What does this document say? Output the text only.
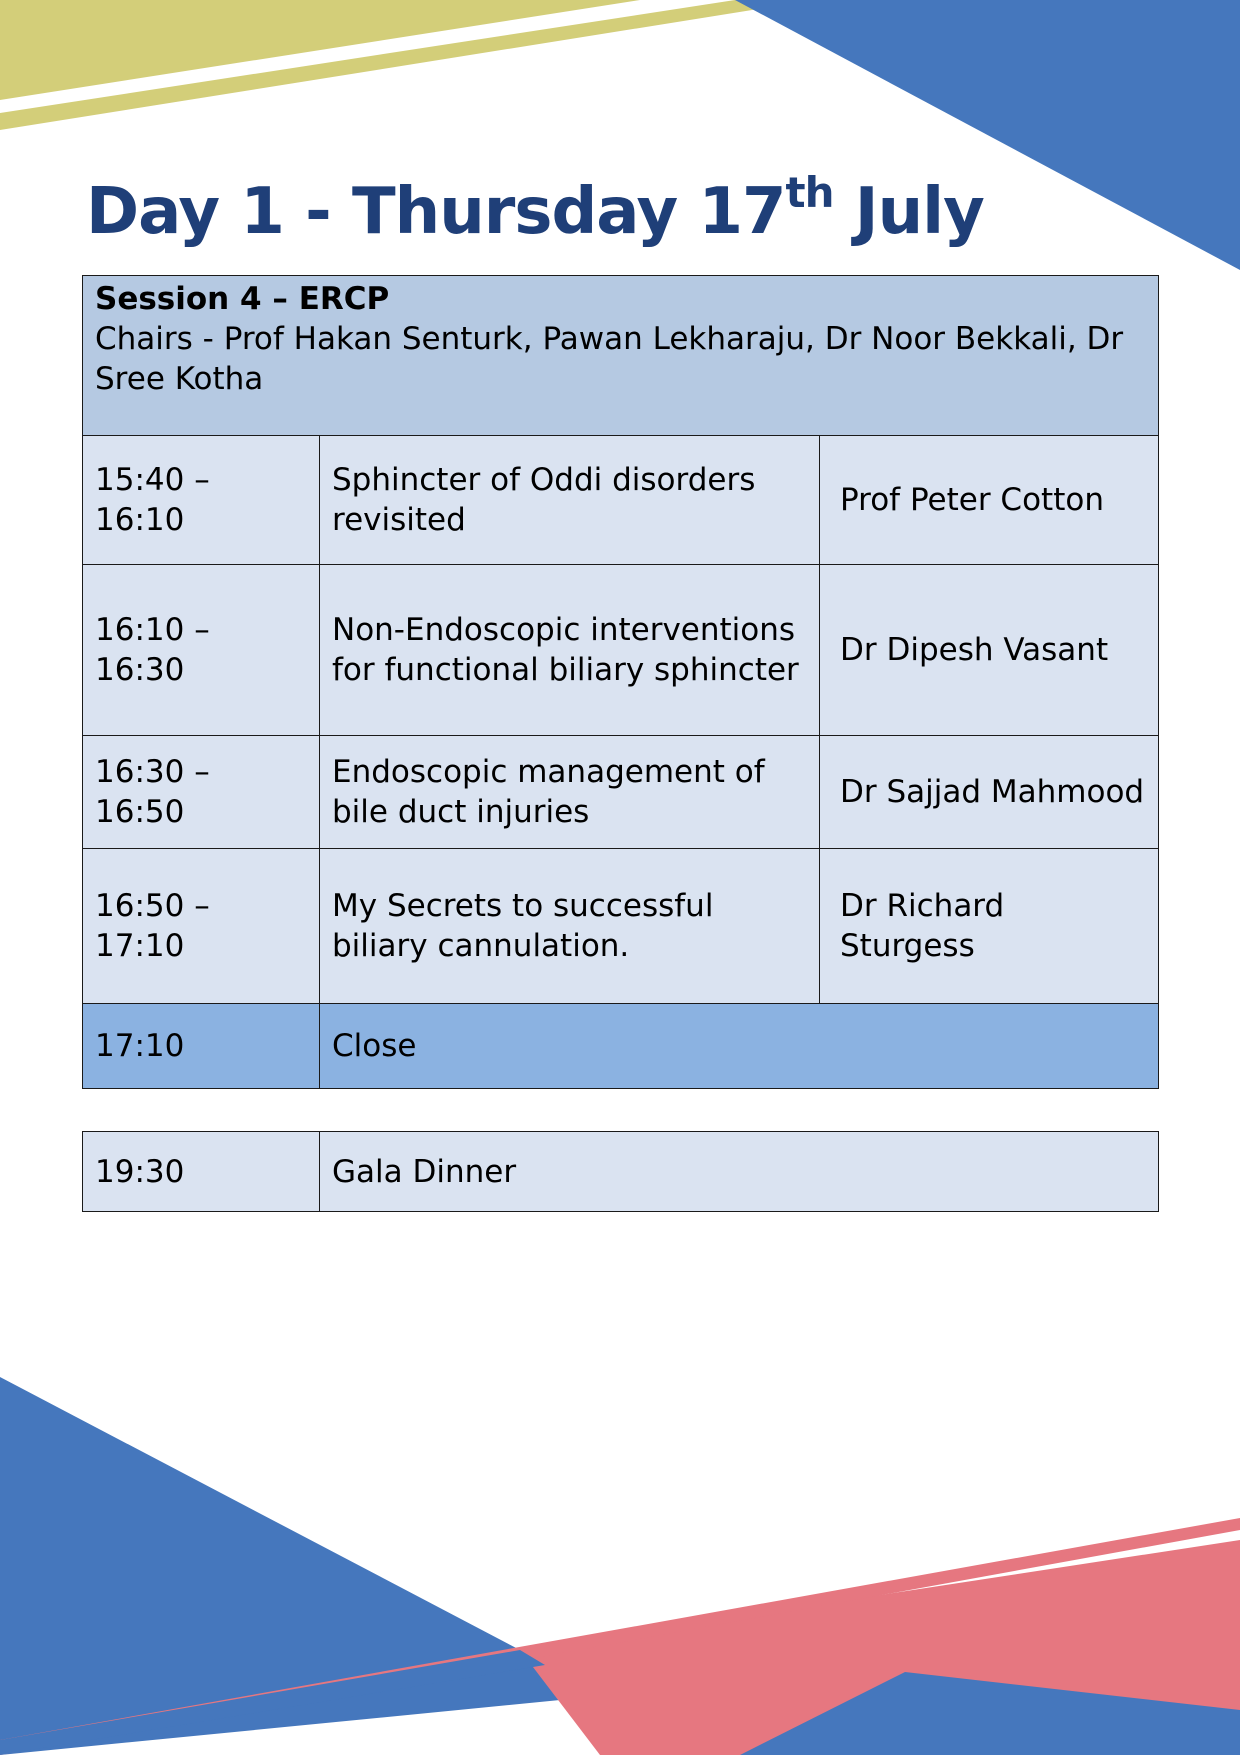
Day 1 - Thursday 17th July
Session 4 – ERCP
Chairs - Prof Hakan Senturk, Pawan Lekharaju, Dr Noor Bekkali, Dr Sree Kotha		
15:40 – 16:10	Sphincter of Oddi disorders revisited	Prof Peter Cotton
16:10 – 16:30	Non-Endoscopic interventions for functional biliary sphincter	Dr Dipesh Vasant
16:30 – 16:50	Endoscopic management of bile duct injuries	Dr Sajjad Mahmood
16:50 – 17:10	My Secrets to successful biliary cannulation.	Dr Richard Sturgess
17:10	Close	
19:30	Gala Dinner
